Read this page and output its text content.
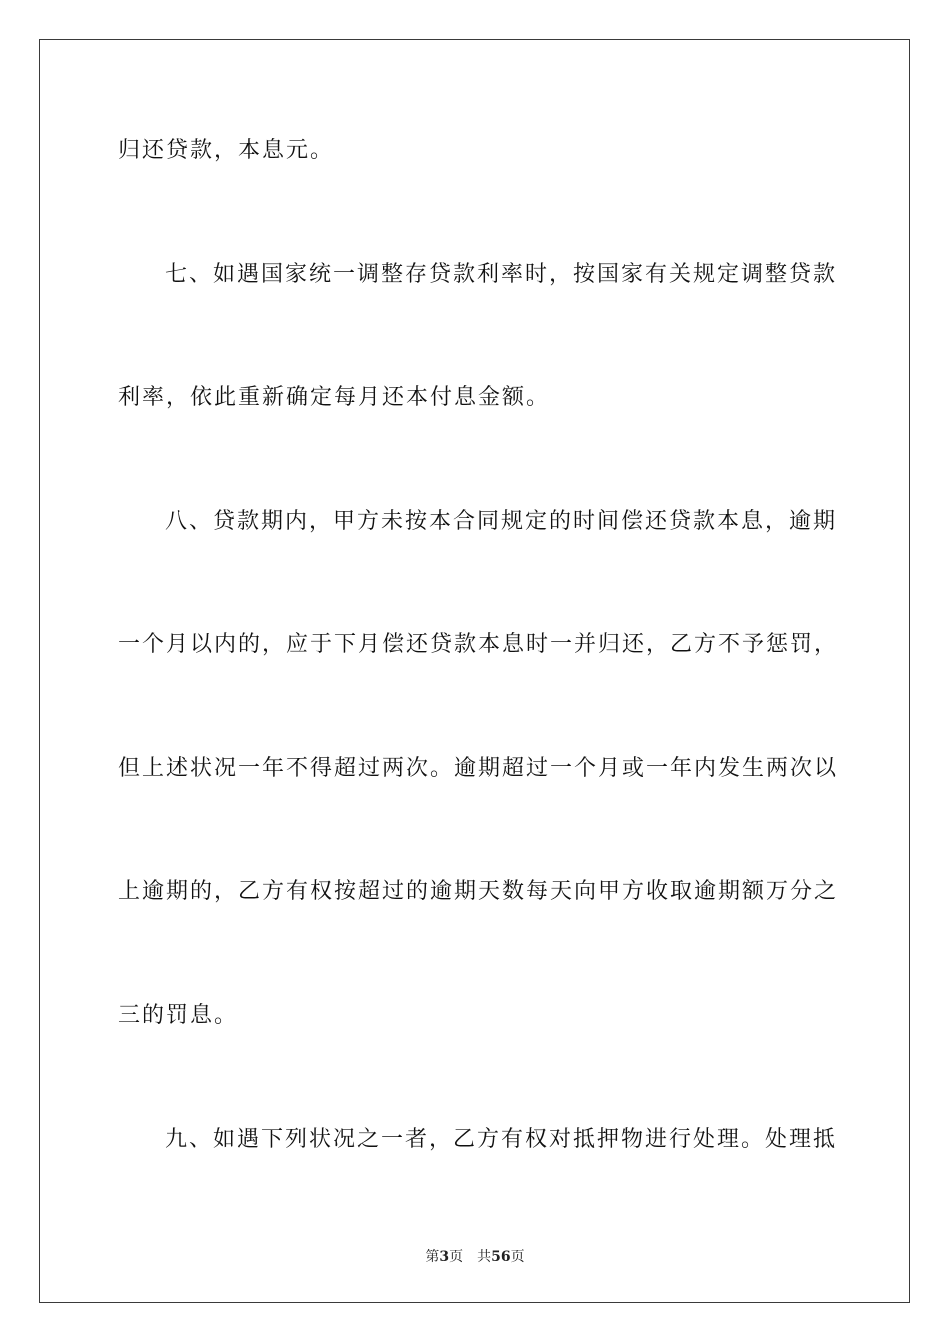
归还贷款，本息元。
七、如遇国家统一调整存贷款利率时，按国家有关规定调整贷款
利率，依此重新确定每月还本付息金额。
八、贷款期内，甲方未按本合同规定的时间偿还贷款本息，逾期
一个月以内的，应于下月偿还贷款本息时一并归还，乙方不予惩罚，
但上述状况一年不得超过两次。逾期超过一个月或一年内发生两次以
上逾期的，乙方有权按超过的逾期天数每天向甲方收取逾期额万分之
三的罚息。
九、如遇下列状况之一者，乙方有权对抵押物进行处理。处理抵
第3页 共56页
